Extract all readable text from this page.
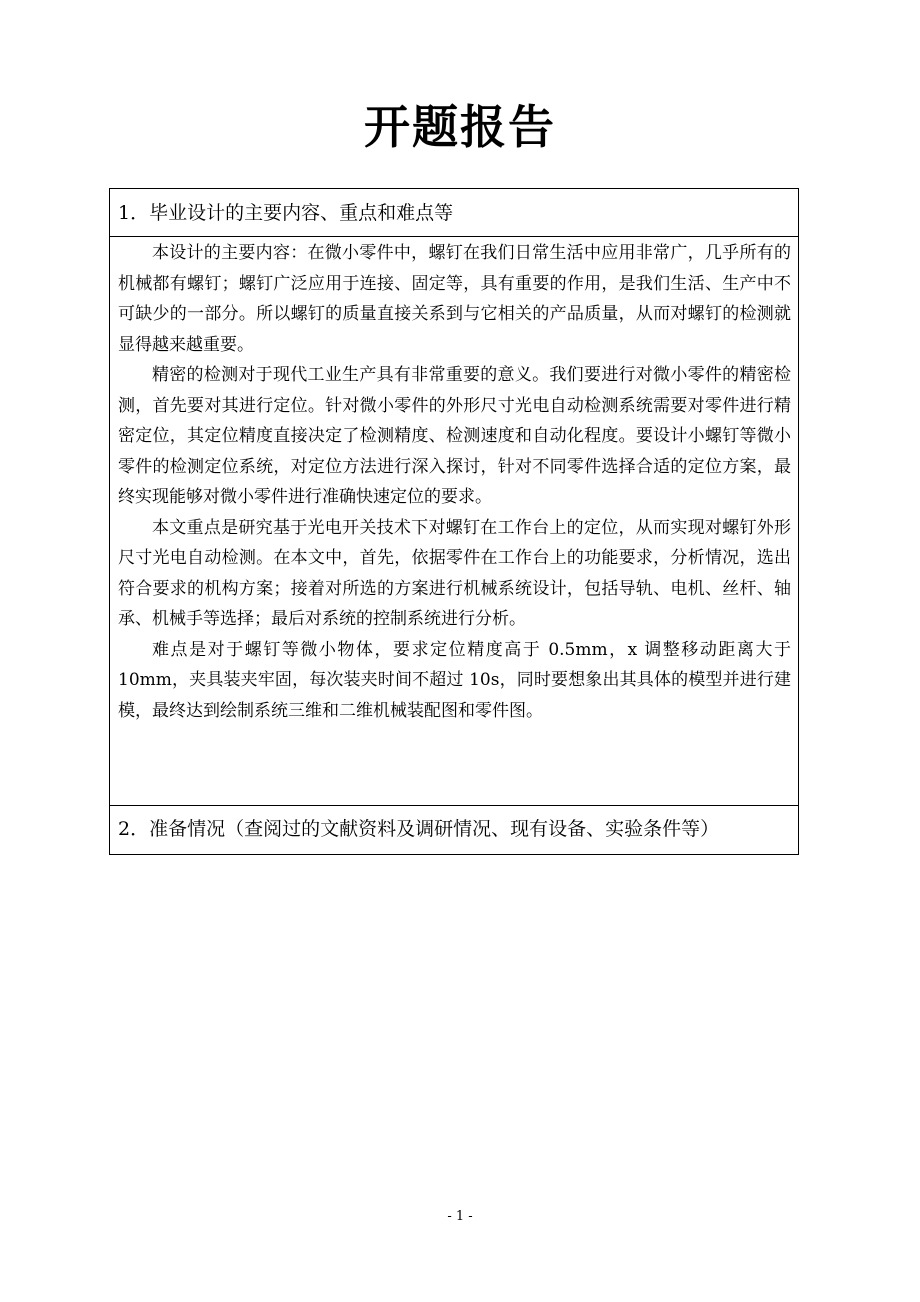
开题报告
1．毕业设计的主要内容、重点和难点等

本设计的主要内容：在微小零件中，螺钉在我们日常生活中应用非常广，几乎所有的机械都有螺钉；螺钉广泛应用于连接、固定等，具有重要的作用，是我们生活、生产中不可缺少的一部分。所以螺钉的质量直接关系到与它相关的产品质量，从而对螺钉的检测就显得越来越重要。

精密的检测对于现代工业生产具有非常重要的意义。我们要进行对微小零件的精密检测，首先要对其进行定位。针对微小零件的外形尺寸光电自动检测系统需要对零件进行精密定位，其定位精度直接决定了检测精度、检测速度和自动化程度。要设计小螺钉等微小零件的检测定位系统，对定位方法进行深入探讨，针对不同零件选择合适的定位方案，最终实现能够对微小零件进行准确快速定位的要求。

本文重点是研究基于光电开关技术下对螺钉在工作台上的定位，从而实现对螺钉外形尺寸光电自动检测。在本文中，首先，依据零件在工作台上的功能要求，分析情况，选出符合要求的机构方案；接着对所选的方案进行机械系统设计，包括导轨、电机、丝杆、轴承、机械手等选择；最后对系统的控制系统进行分析。

难点是对于螺钉等微小物体，要求定位精度高于 0.5mm，x 调整移动距离大于 10mm，夹具装夹牢固，每次装夹时间不超过 10s，同时要想象出其具体的模型并进行建模，最终达到绘制系统三维和二维机械装配图和零件图。

2．准备情况（查阅过的文献资料及调研情况、现有设备、实验条件等）
- 1 -
